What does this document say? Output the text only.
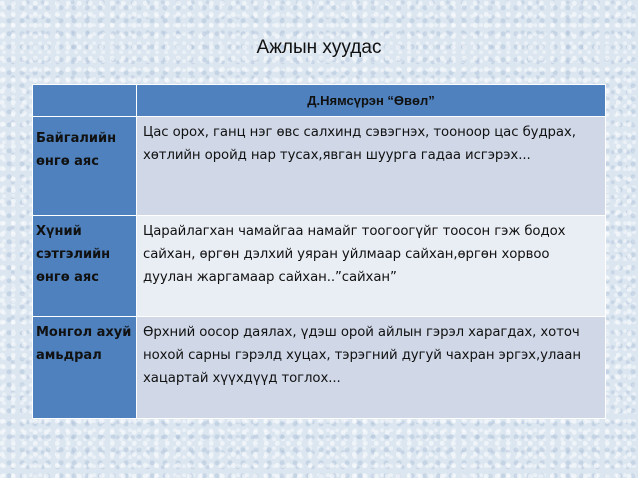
Ажлын хуудас
	Д.Нямсүрэн “Өвөл”
Байгалийн өнгө аяс	Цас орох, ганц нэг өвс салхинд сэвэгнэх, тооноор цас будрах, хөтлийн оройд нар тусах,явган шуурга гадаа исгэрэх...
Хүний сэтгэлийн өнгө аяс	Царайлагхан чамайгаа намайг тоогоогүйг тоосон гэж бодох сайхан, өргөн дэлхий уяран уйлмаар сайхан,өргөн хорвоо дуулан жаргамаар сайхан..”сайхан”
Монгол ахуй амьдрал	Өрхний оосор даялах, үдэш орой айлын гэрэл харагдах, хоточ нохой сарны гэрэлд хуцах, тэрэгний дугуй чахран эргэх,улаан хацартай хүүхдүүд тоглох...
